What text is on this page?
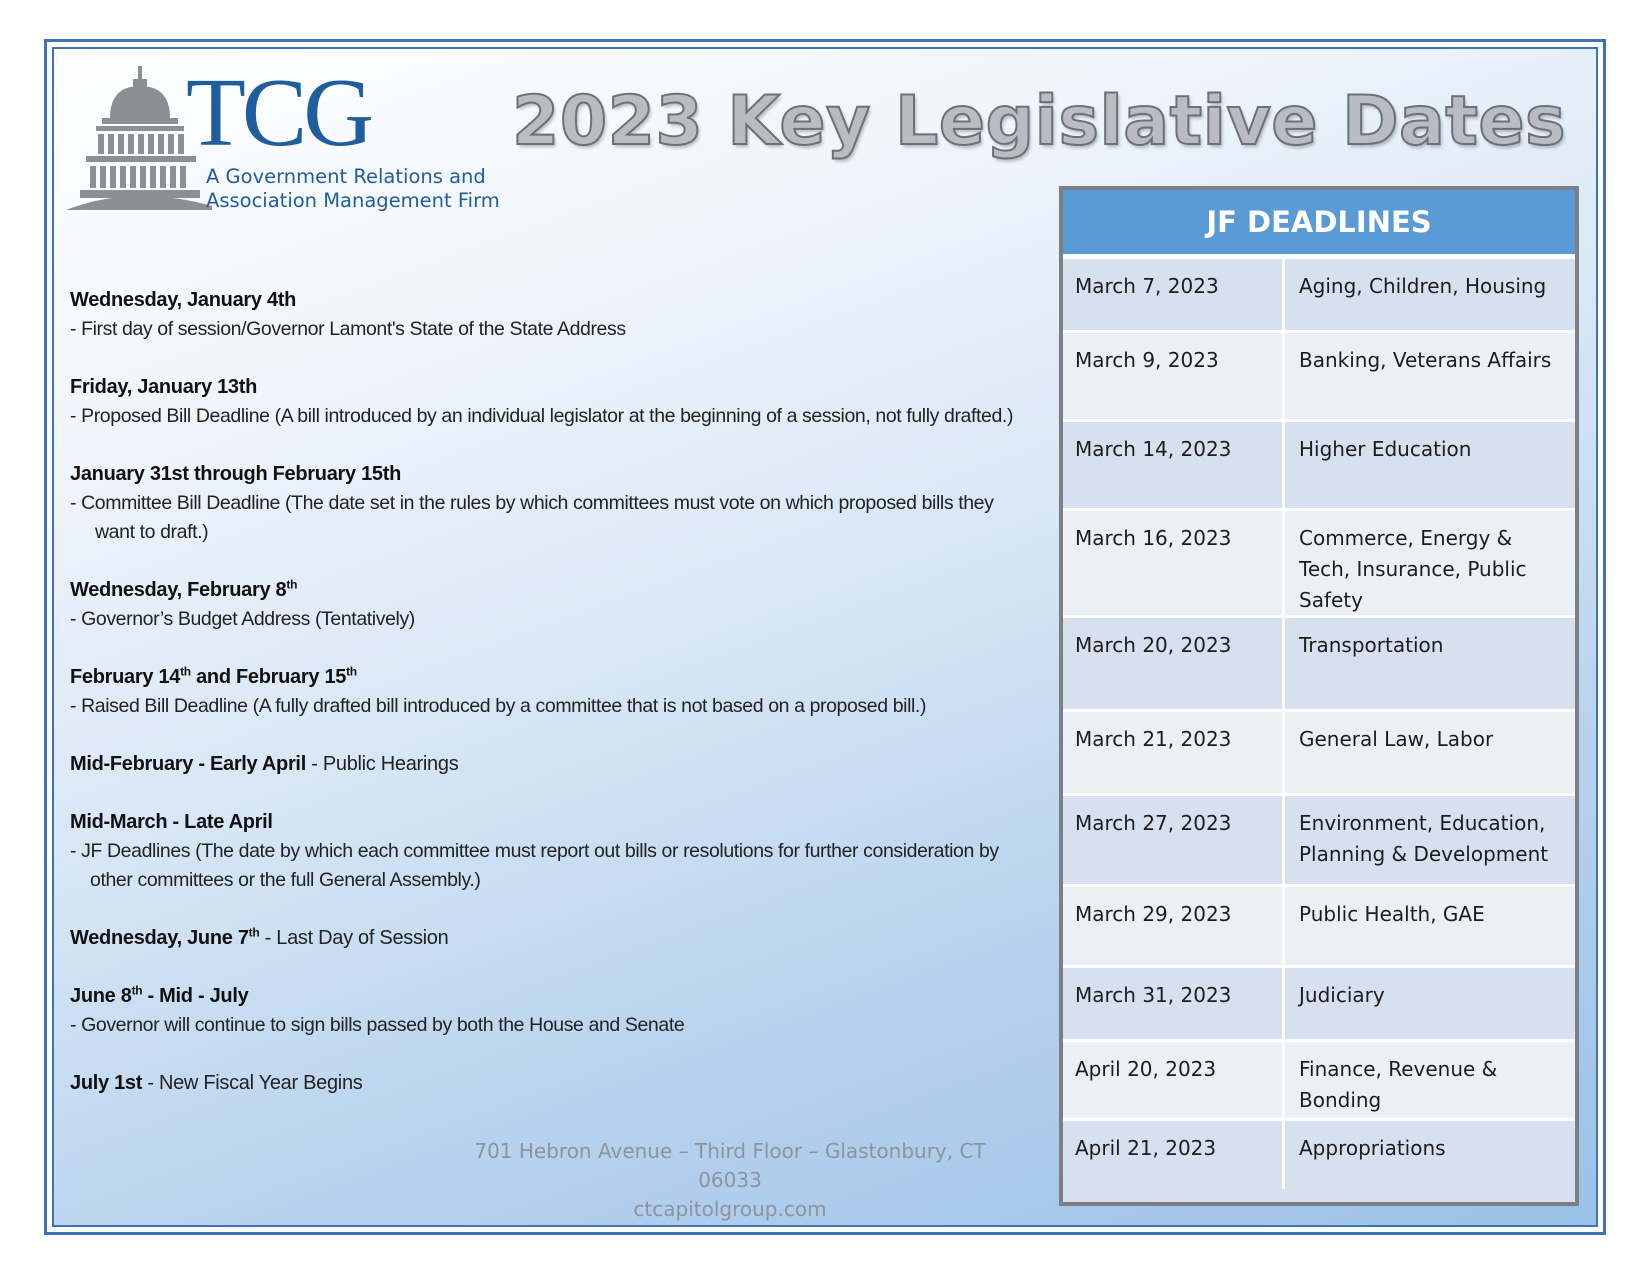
TCG
A Government Relations and
Association Management Firm
2023 Key Legislative Dates
Wednesday, January 4th
- First day of session/Governor Lamont's State of the State Address
Friday, January 13th
- Proposed Bill Deadline (A bill introduced by an individual legislator at the beginning of a session, not fully drafted.)
January 31st through February 15th
- Committee Bill Deadline (The date set in the rules by which committees must vote on which proposed bills they want to draft.)
Wednesday, February 8th
- Governor’s Budget Address (Tentatively)
February 14th and February 15th
- Raised Bill Deadline (A fully drafted bill introduced by a committee that is not based on a proposed bill.)
Mid-February - Early April - Public Hearings
Mid-March - Late April
- JF Deadlines (The date by which each committee must report out bills or resolutions for further consideration by other committees or the full General Assembly.)
Wednesday, June 7th - Last Day of Session
June 8th - Mid - July
- Governor will continue to sign bills passed by both the House and Senate
July 1st - New Fiscal Year Begins
701 Hebron Avenue – Third Floor – Glastonbury, CT 06033
ctcapitolgroup.com
JF DEADLINES
March 7, 2023	Aging, Children, Housing
March 9, 2023	Banking, Veterans Affairs
March 14, 2023	Higher Education
March 16, 2023	Commerce, Energy & Tech, Insurance, Public Safety
March 20, 2023	Transportation
March 21, 2023	General Law, Labor
March 27, 2023	Environment, Education, Planning & Development
March 29, 2023	Public Health, GAE
March 31, 2023	Judiciary
April 20, 2023	Finance, Revenue & Bonding
April 21, 2023	Appropriations
